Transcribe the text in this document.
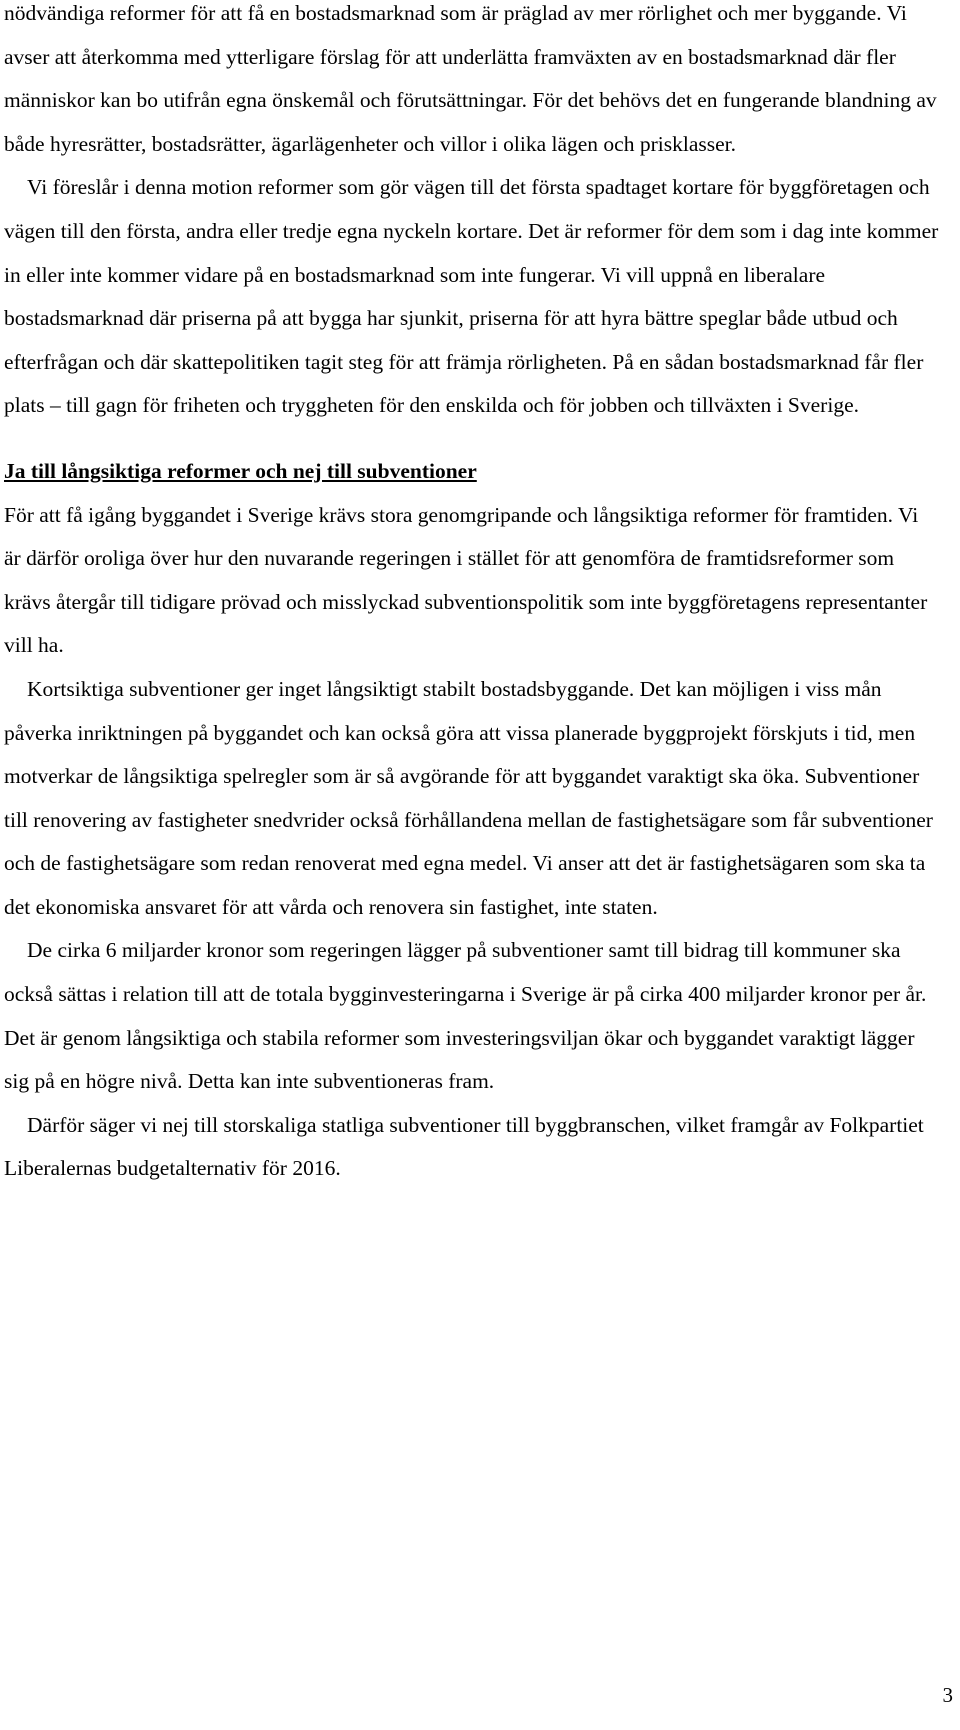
nödvändiga reformer för att få en bostadsmarknad som är präglad av mer rörlighet och mer byggande. Vi avser att återkomma med ytterligare förslag för att underlätta framväxten av en bostadsmarknad där fler människor kan bo utifrån egna önskemål och förutsättningar. För det behövs det en fungerande blandning av både hyresrätter, bostadsrätter, ägarlägenheter och villor i olika lägen och prisklasser.

Vi föreslår i denna motion reformer som gör vägen till det första spadtaget kortare för byggföretagen och vägen till den första, andra eller tredje egna nyckeln kortare. Det är reformer för dem som i dag inte kommer in eller inte kommer vidare på en bostadsmarknad som inte fungerar. Vi vill uppnå en liberalare bostadsmarknad där priserna på att bygga har sjunkit, priserna för att hyra bättre speglar både utbud och efterfrågan och där skattepolitiken tagit steg för att främja rörligheten. På en sådan bostadsmarknad får fler plats – till gagn för friheten och tryggheten för den enskilda och för jobben och tillväxten i Sverige.

Ja till långsiktiga reformer och nej till subventioner

För att få igång byggandet i Sverige krävs stora genomgripande och långsiktiga reformer för framtiden. Vi är därför oroliga över hur den nuvarande regeringen i stället för att genomföra de framtidsreformer som krävs återgår till tidigare prövad och misslyckad subventionspolitik som inte byggföretagens representanter vill ha.

Kortsiktiga subventioner ger inget långsiktigt stabilt bostadsbyggande. Det kan möjligen i viss mån påverka inriktningen på byggandet och kan också göra att vissa planerade byggprojekt förskjuts i tid, men motverkar de långsiktiga spelregler som är så avgörande för att byggandet varaktigt ska öka. Subventioner till renovering av fastigheter snedvrider också förhållandena mellan de fastighetsägare som får subventioner och de fastighetsägare som redan renoverat med egna medel. Vi anser att det är fastighetsägaren som ska ta det ekonomiska ansvaret för att vårda och renovera sin fastighet, inte staten.

De cirka 6 miljarder kronor som regeringen lägger på subventioner samt till bidrag till kommuner ska också sättas i relation till att de totala bygginvesteringarna i Sverige är på cirka 400 miljarder kronor per år. Det är genom långsiktiga och stabila reformer som investeringsviljan ökar och byggandet varaktigt lägger sig på en högre nivå. Detta kan inte subventioneras fram.

Därför säger vi nej till storskaliga statliga subventioner till byggbranschen, vilket framgår av Folkpartiet Liberalernas budgetalternativ för 2016.

3
